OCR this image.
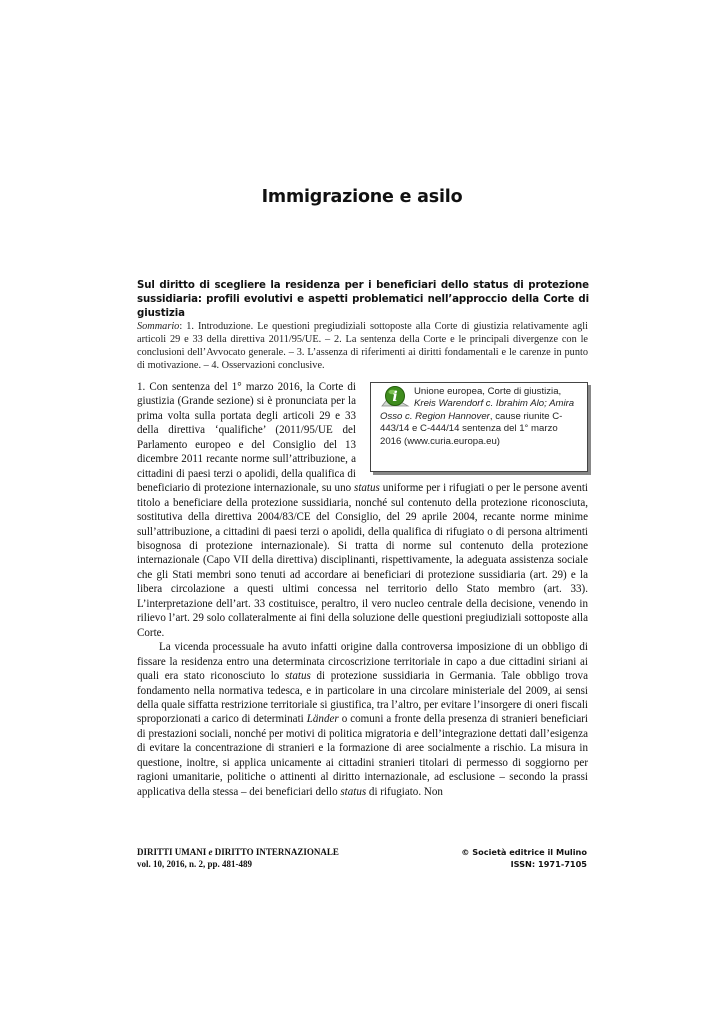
Immigrazione e asilo
Sul diritto di scegliere la residenza per i beneficiari dello status di protezione sussidiaria: profili evolutivi e aspetti problematici nell’approccio della Corte di giustizia
Sommario: 1. Introduzione. Le questioni pregiudiziali sottoposte alla Corte di giustizia relativamente agli articoli 29 e 33 della direttiva 2011/95/UE. – 2. La sentenza della Corte e le principali divergenze con le conclusioni dell’Avvocato generale. – 3. L’assenza di riferimenti ai diritti fondamentali e le carenze in punto di motivazione. – 4. Osservazioni conclusive.
i Unione europea, Corte di giustizia, Kreis Warendorf c. Ibrahim Alo; Amira Osso c. Region Hannover, cause riunite C-443/14 e C-444/14 sentenza del 1° marzo 2016 (www.curia.europa.eu)

1. Con sentenza del 1° marzo 2016, la Corte di giustizia (Grande sezione) si è pronunciata per la prima volta sulla portata degli articoli 29 e 33 della direttiva ‘qualifiche’ (2011/95/UE del Parlamento europeo e del Consiglio del 13 dicembre 2011 recante norme sull’attribuzione, a cittadini di paesi terzi o apolidi, della qualifica di beneficiario di protezione internazionale, su uno status uniforme per i rifugiati o per le persone aventi titolo a beneficiare della protezione sussidiaria, nonché sul contenuto della protezione riconosciuta, sostitutiva della direttiva 2004/83/CE del Consiglio, del 29 aprile 2004, recante norme minime sull’attribuzione, a cittadini di paesi terzi o apolidi, della qualifica di rifugiato o di persona altrimenti bisognosa di protezione internazionale). Si tratta di norme sul contenuto della protezione internazionale (Capo VII della direttiva) disciplinanti, rispettivamente, la adeguata assistenza sociale che gli Stati membri sono tenuti ad accordare ai beneficiari di protezione sussidiaria (art. 29) e la libera circolazione a questi ultimi concessa nel territorio dello Stato membro (art. 33). L’interpretazione dell’art. 33 costituisce, peraltro, il vero nucleo centrale della decisione, venendo in rilievo l’art. 29 solo collateralmente ai fini della soluzione delle questioni pregiudiziali sottoposte alla Corte.

La vicenda processuale ha avuto infatti origine dalla controversa imposizione di un obbligo di fissare la residenza entro una determinata circoscrizione territoriale in capo a due cittadini siriani ai quali era stato riconosciuto lo status di protezione sussidiaria in Germania. Tale obbligo trova fondamento nella normativa tedesca, e in particolare in una circolare ministeriale del 2009, ai sensi della quale siffatta restrizione territoriale si giustifica, tra l’altro, per evitare l’insorgere di oneri fiscali sproporzionati a carico di determinati Länder o comuni a fronte della presenza di stranieri beneficiari di prestazioni sociali, nonché per motivi di politica migratoria e dell’integrazione dettati dall’esigenza di evitare la concentrazione di stranieri e la formazione di aree socialmente a rischio. La misura in questione, inoltre, si applica unicamente ai cittadini stranieri titolari di permesso di soggiorno per ragioni umanitarie, politiche o attinenti al diritto internazionale, ad esclusione – secondo la prassi applicativa della stessa – dei beneficiari dello status di rifugiato. Non

DIRITTI UMANI e DIRITTO INTERNAZIONALE
vol. 10, 2016, n. 2, pp. 481-489
© Società editrice il Mulino
ISSN: 1971-7105
